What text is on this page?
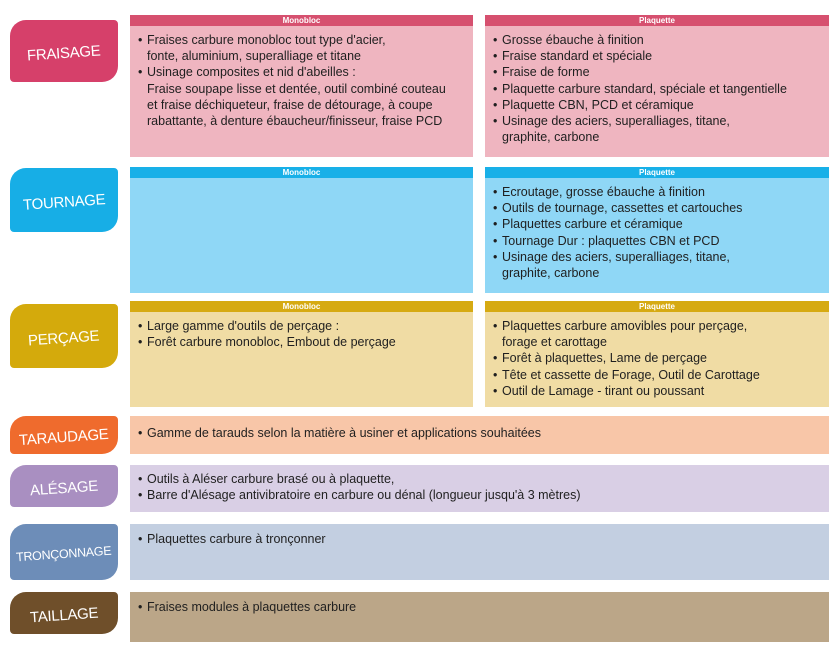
FRAISAGE
Monobloc
• Fraises carbure monobloc tout type d'acier,
fonte, aluminium, superalliage et titane
• Usinage composites et nid d'abeilles :
Fraise soupape lisse et dentée, outil combiné couteau
et fraise déchiqueteur, fraise de détourage, à coupe
rabattante, à denture ébaucheur/finisseur, fraise PCD
Plaquette
• Grosse ébauche à finition
• Fraise standard et spéciale
• Fraise de forme
• Plaquette carbure standard, spéciale et tangentielle
• Plaquette CBN, PCD et céramique
• Usinage des aciers, superalliages, titane,
graphite, carbone
TOURNAGE
Monobloc	Plaquette
• Ecroutage, grosse ébauche à finition
• Outils de tournage, cassettes et cartouches
• Plaquettes carbure et céramique
• Tournage Dur : plaquettes CBN et PCD
• Usinage des aciers, superalliages, titane,
graphite, carbone
PERÇAGE
Monobloc
• Large gamme d'outils de perçage :
• Forêt carbure monobloc, Embout de perçage
Plaquette
• Plaquettes carbure amovibles pour perçage,
forage et carottage
• Forêt à plaquettes, Lame de perçage
• Tête et cassette de Forage, Outil de Carottage
• Outil de Lamage - tirant ou poussant
TARAUDAGE	• Gamme de tarauds selon la matière à usiner et applications souhaitées
ALÉSAGE	• Outils à Aléser carbure brasé ou à plaquette,
• Barre d'Alésage antivibratoire en carbure ou dénal (longueur jusqu'à 3 mètres)
TRONÇONNAGE
• Plaquettes carbure à tronçonner
TAILLAGE	• Fraises modules à plaquettes carbure
